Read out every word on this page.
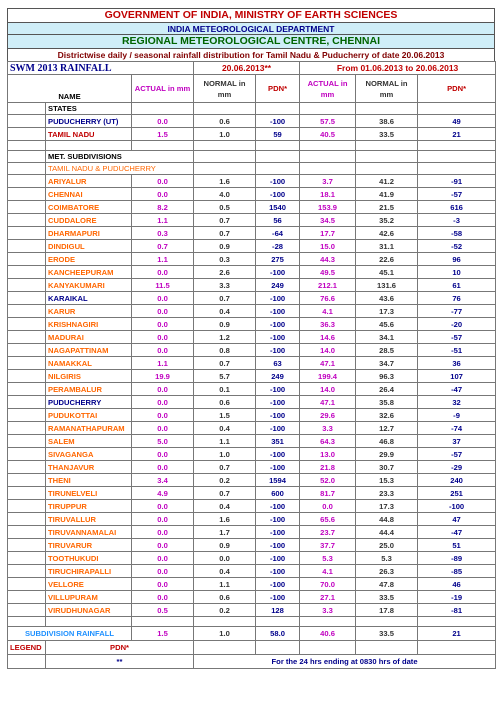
GOVERNMENT OF INDIA, MINISTRY OF EARTH SCIENCES
INDIA METEOROLOGICAL DEPARTMENT
REGIONAL METEOROLOGICAL CENTRE, CHENNAI
Districtwise daily / seasonal rainfall distribution for Tamil Nadu & Puducherry of date 20.06.2013
SWM 2013 RAINFALL			20.06.2013**		From 01.06.2013 to 20.06.2013		
NAME		ACTUAL in mm	NORMAL in mm	PDN*	ACTUAL in mm	NORMAL in mm	PDN*
	STATES						
	PUDUCHERRY (UT)	0.0	0.6	-100	57.5	38.6	49
	TAMIL NADU	1.5	1.0	59	40.5	33.5	21

	MET. SUBDIVISIONS						
	TAMIL NADU & PUDUCHERRY						
	ARIYALUR	0.0	1.6	-100	3.7	41.2	-91
	CHENNAI	0.0	4.0	-100	18.1	41.9	-57
	COIMBATORE	8.2	0.5	1540	153.9	21.5	616
	CUDDALORE	1.1	0.7	56	34.5	35.2	-3
	DHARMAPURI	0.3	0.7	-64	17.7	42.6	-58
	DINDIGUL	0.7	0.9	-28	15.0	31.1	-52
	ERODE	1.1	0.3	275	44.3	22.6	96
	KANCHEEPURAM	0.0	2.6	-100	49.5	45.1	10
	KANYAKUMARI	11.5	3.3	249	212.1	131.6	61
	KARAIKAL	0.0	0.7	-100	76.6	43.6	76
	KARUR	0.0	0.4	-100	4.1	17.3	-77
	KRISHNAGIRI	0.0	0.9	-100	36.3	45.6	-20
	MADURAI	0.0	1.2	-100	14.6	34.1	-57
	NAGAPATTINAM	0.0	0.8	-100	14.0	28.5	-51
	NAMAKKAL	1.1	0.7	63	47.1	34.7	36
	NILGIRIS	19.9	5.7	249	199.4	96.3	107
	PERAMBALUR	0.0	0.1	-100	14.0	26.4	-47
	PUDUCHERRY	0.0	0.6	-100	47.1	35.8	32
	PUDUKOTTAI	0.0	1.5	-100	29.6	32.6	-9
	RAMANATHAPURAM	0.0	0.4	-100	3.3	12.7	-74
	SALEM	5.0	1.1	351	64.3	46.8	37
	SIVAGANGA	0.0	1.0	-100	13.0	29.9	-57
	THANJAVUR	0.0	0.7	-100	21.8	30.7	-29
	THENI	3.4	0.2	1594	52.0	15.3	240
	TIRUNELVELI	4.9	0.7	600	81.7	23.3	251
	TIRUPPUR	0.0	0.4	-100	0.0	17.3	-100
	TIRUVALLUR	0.0	1.6	-100	65.6	44.8	47
	TIRUVANNAMALAI	0.0	1.7	-100	23.7	44.4	-47
	TIRUVARUR	0.0	0.9	-100	37.7	25.0	51
	TOOTHUKUDI	0.0	0.0	-100	5.3	5.3	-89
	TIRUCHIRAPALLI	0.0	0.4	-100	4.1	26.3	-85
	VELLORE	0.0	1.1	-100	70.0	47.8	46
	VILLUPURAM	0.0	0.6	-100	27.1	33.5	-19
	VIRUDHUNAGAR	0.5	0.2	128	3.3	17.8	-81

SUBDIVISION RAINFALL		1.5	1.0	58.0	40.6	33.5	21
LEGEND	PDN*						
	**		For the 24 hrs ending at 0830 hrs of date				
